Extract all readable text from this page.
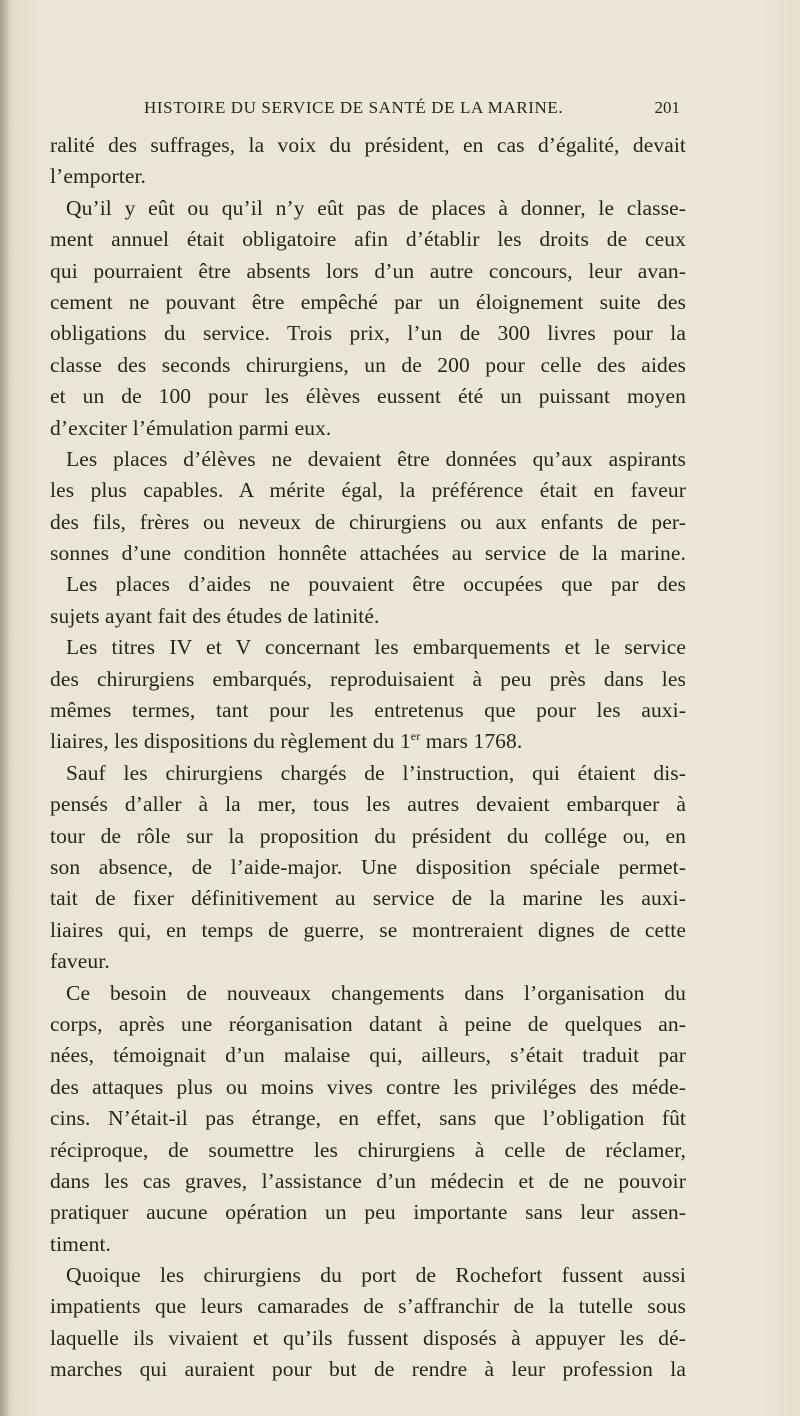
HISTOIRE DU SERVICE DE SANTÉ DE LA MARINE.	201
ralité des suffrages, la voix du président, en cas d’égalité, devait
l’emporter.
Qu’il y eût ou qu’il n’y eût pas de places à donner, le classe-
ment annuel était obligatoire afin d’établir les droits de ceux
qui pourraient être absents lors d’un autre concours, leur avan-
cement ne pouvant être empêché par un éloignement suite des
obligations du service. Trois prix, l’un de 300 livres pour la
classe des seconds chirurgiens, un de 200 pour celle des aides
et un de 100 pour les élèves eussent été un puissant moyen
d’exciter l’émulation parmi eux.
Les places d’élèves ne devaient être données qu’aux aspirants
les plus capables. A mérite égal, la préférence était en faveur
des fils, frères ou neveux de chirurgiens ou aux enfants de per-
sonnes d’une condition honnête attachées au service de la marine.
Les places d’aides ne pouvaient être occupées que par des
sujets ayant fait des études de latinité.
Les titres IV et V concernant les embarquements et le service
des chirurgiens embarqués, reproduisaient à peu près dans les
mêmes termes, tant pour les entretenus que pour les auxi-
liaires, les dispositions du règlement du 1er mars 1768.
Sauf les chirurgiens chargés de l’instruction, qui étaient dis-
pensés d’aller à la mer, tous les autres devaient embarquer à
tour de rôle sur la proposition du président du collége ou, en
son absence, de l’aide-major. Une disposition spéciale permet-
tait de fixer définitivement au service de la marine les auxi-
liaires qui, en temps de guerre, se montreraient dignes de cette
faveur.
Ce besoin de nouveaux changements dans l’organisation du
corps, après une réorganisation datant à peine de quelques an-
nées, témoignait d’un malaise qui, ailleurs, s’était traduit par
des attaques plus ou moins vives contre les priviléges des méde-
cins. N’était-il pas étrange, en effet, sans que l’obligation fût
réciproque, de soumettre les chirurgiens à celle de réclamer,
dans les cas graves, l’assistance d’un médecin et de ne pouvoir
pratiquer aucune opération un peu importante sans leur assen-
timent.
Quoique les chirurgiens du port de Rochefort fussent aussi
impatients que leurs camarades de s’affranchir de la tutelle sous
laquelle ils vivaient et qu’ils fussent disposés à appuyer les dé-
marches qui auraient pour but de rendre à leur profession la
